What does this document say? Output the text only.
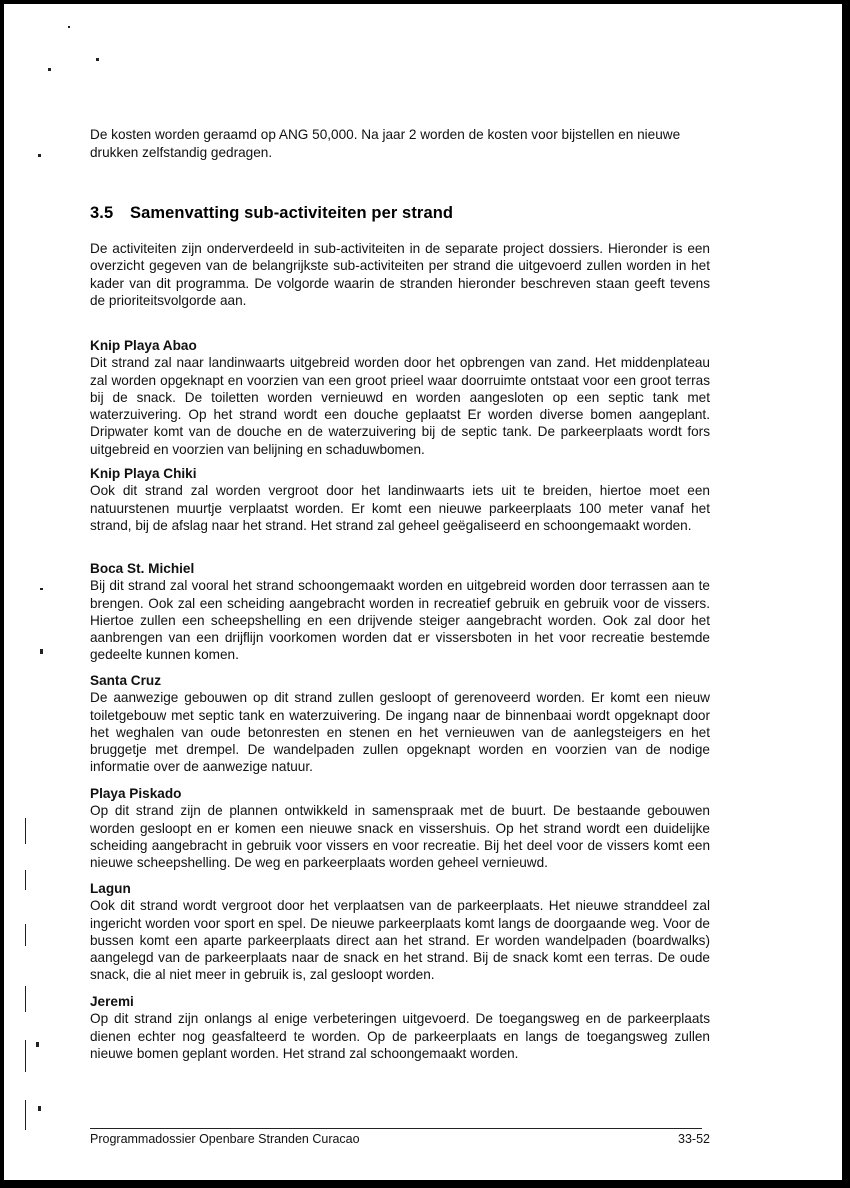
De kosten worden geraamd op ANG 50,000. Na jaar 2 worden de kosten voor bijstellen en nieuwe drukken zelfstandig gedragen.

3.5 Samenvatting sub-activiteiten per strand

De activiteiten zijn onderverdeeld in sub-activiteiten in de separate project dossiers. Hieronder is een overzicht gegeven van de belangrijkste sub-activiteiten per strand die uitgevoerd zullen worden in het kader van dit programma. De volgorde waarin de stranden hieronder beschreven staan geeft tevens de prioriteitsvolgorde aan.

Knip Playa Abao
Dit strand zal naar landinwaarts uitgebreid worden door het opbrengen van zand. Het middenplateau zal worden opgeknapt en voorzien van een groot prieel waar doorruimte ontstaat voor een groot terras bij de snack. De toiletten worden vernieuwd en worden aangesloten op een septic tank met waterzuivering. Op het strand wordt een douche geplaatst Er worden diverse bomen aangeplant. Dripwater komt van de douche en de waterzuivering bij de septic tank. De parkeerplaats wordt fors uitgebreid en voorzien van belijning en schaduwbomen.
Knip Playa Chiki
Ook dit strand zal worden vergroot door het landinwaarts iets uit te breiden, hiertoe moet een natuurstenen muurtje verplaatst worden. Er komt een nieuwe parkeerplaats 100 meter vanaf het strand, bij de afslag naar het strand. Het strand zal geheel geëgaliseerd en schoongemaakt worden.
Boca St. Michiel
Bij dit strand zal vooral het strand schoongemaakt worden en uitgebreid worden door terrassen aan te brengen. Ook zal een scheiding aangebracht worden in recreatief gebruik en gebruik voor de vissers. Hiertoe zullen een scheepshelling en een drijvende steiger aangebracht worden. Ook zal door het aanbrengen van een drijflijn voorkomen worden dat er vissersboten in het voor recreatie bestemde gedeelte kunnen komen.
Santa Cruz
De aanwezige gebouwen op dit strand zullen gesloopt of gerenoveerd worden. Er komt een nieuw toiletgebouw met septic tank en waterzuivering. De ingang naar de binnenbaai wordt opgeknapt door het weghalen van oude betonresten en stenen en het vernieuwen van de aanlegsteigers en het bruggetje met drempel. De wandelpaden zullen opgeknapt worden en voorzien van de nodige informatie over de aanwezige natuur.
Playa Piskado
Op dit strand zijn de plannen ontwikkeld in samenspraak met de buurt. De bestaande gebouwen worden gesloopt en er komen een nieuwe snack en vissershuis. Op het strand wordt een duidelijke scheiding aangebracht in gebruik voor vissers en voor recreatie. Bij het deel voor de vissers komt een nieuwe scheepshelling. De weg en parkeerplaats worden geheel vernieuwd.
Lagun
Ook dit strand wordt vergroot door het verplaatsen van de parkeerplaats. Het nieuwe stranddeel zal ingericht worden voor sport en spel. De nieuwe parkeerplaats komt langs de doorgaande weg. Voor de bussen komt een aparte parkeerplaats direct aan het strand. Er worden wandelpaden (boardwalks) aangelegd van de parkeerplaats naar de snack en het strand. Bij de snack komt een terras. De oude snack, die al niet meer in gebruik is, zal gesloopt worden.
Jeremi
Op dit strand zijn onlangs al enige verbeteringen uitgevoerd. De toegangsweg en de parkeerplaats dienen echter nog geasfalteerd te worden. Op de parkeerplaats en langs de toegangsweg zullen nieuwe bomen geplant worden. Het strand zal schoongemaakt worden.
Programmadossier Openbare Stranden Curacao	33-52
